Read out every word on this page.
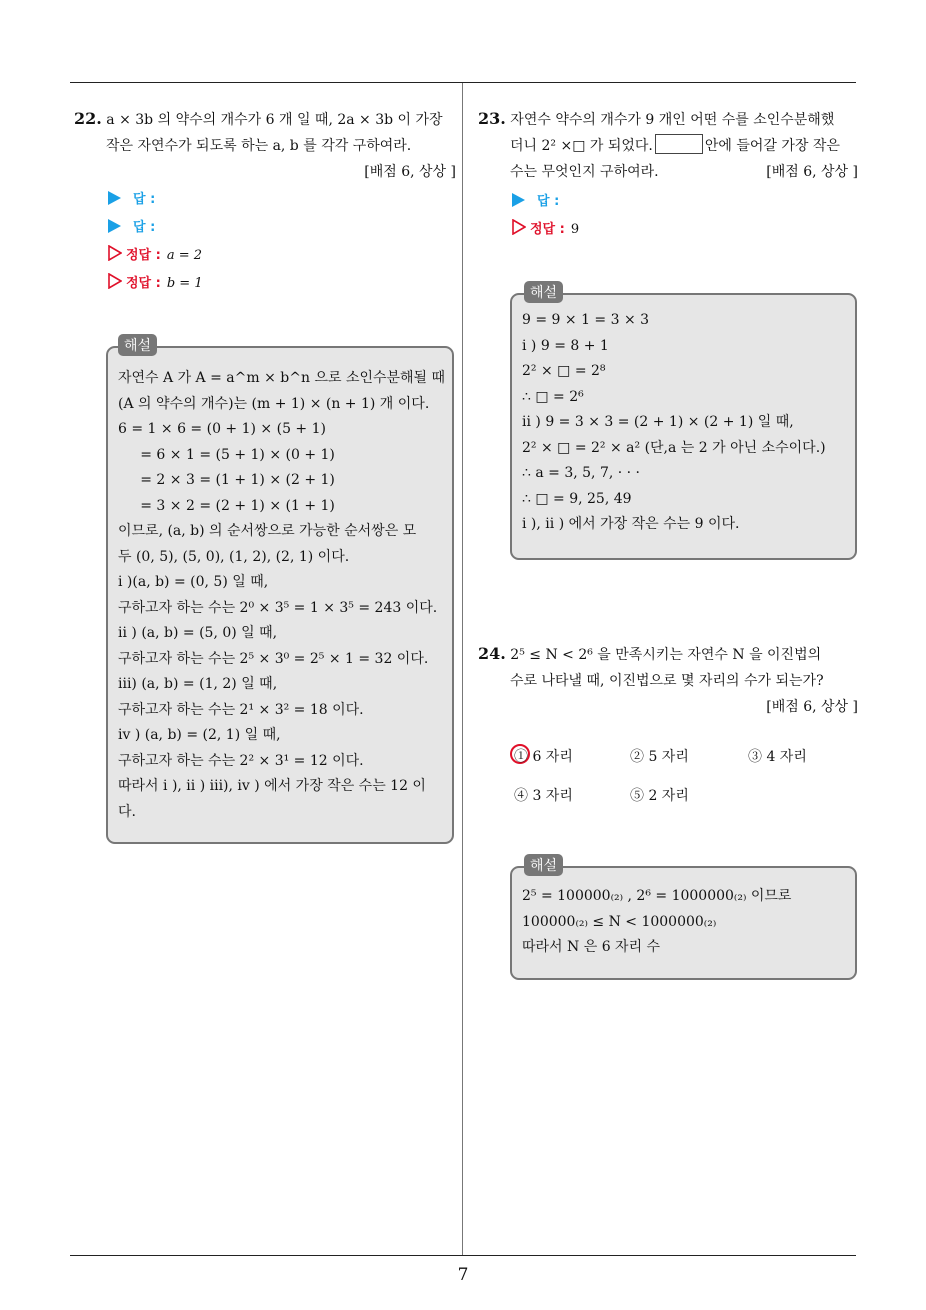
7
22. a × 3b 의 약수의 개수가 6 개 일 때, 2a × 3b 이 가장
작은 자연수가 되도록 하는 a, b 를 각각 구하여라.
[배점 6, 상상 ]
답 :
답 :
정답 : a = 2
정답 : b = 1
해설
자연수 A 가 A = a^m × b^n 으로 소인수분해될 때
(A 의 약수의 개수)는 (m + 1) × (n + 1) 개 이다.
6 = 1 × 6 = (0 + 1) × (5 + 1)
= 6 × 1 = (5 + 1) × (0 + 1)
= 2 × 3 = (1 + 1) × (2 + 1)
= 3 × 2 = (2 + 1) × (1 + 1)
이므로, (a, b) 의 순서쌍으로 가능한 순서쌍은 모
두 (0, 5), (5, 0), (1, 2), (2, 1) 이다.
i )(a, b) = (0, 5) 일 때,
구하고자 하는 수는 2⁰ × 3⁵ = 1 × 3⁵ = 243 이다.
ii ) (a, b) = (5, 0) 일 때,
구하고자 하는 수는 2⁵ × 3⁰ = 2⁵ × 1 = 32 이다.
iii) (a, b) = (1, 2) 일 때,
구하고자 하는 수는 2¹ × 3² = 18 이다.
iv ) (a, b) = (2, 1) 일 때,
구하고자 하는 수는 2² × 3¹ = 12 이다.
따라서 i ), ii ) iii), iv ) 에서 가장 작은 수는 12 이
다.
23. 자연수 약수의 개수가 9 개인 어떤 수를 소인수분해했
더니 2² ×□ 가 되었다.	안에 들어갈 가장 작은
수는 무엇인지 구하여라.	[배점 6, 상상 ]
답 :
정답 : 9
해설
9 = 9 × 1 = 3 × 3
i ) 9 = 8 + 1
2² × □ = 2⁸
∴ □ = 2⁶
ii ) 9 = 3 × 3 = (2 + 1) × (2 + 1) 일 때,
2² × □ = 2² × a² (단,a 는 2 가 아닌 소수이다.)
∴ a = 3, 5, 7, · · ·
∴ □ = 9, 25, 49
i ), ii ) 에서 가장 작은 수는 9 이다.
24. 2⁵ ≤ N < 2⁶ 을 만족시키는 자연수 N 을 이진법의
수로 나타낼 때, 이진법으로 몇 자리의 수가 되는가?
[배점 6, 상상 ]
① 6 자리	② 5 자리	③ 4 자리
④ 3 자리	⑤ 2 자리
해설
2⁵ = 100000₍₂₎ , 2⁶ = 1000000₍₂₎ 이므로
100000₍₂₎ ≤ N < 1000000₍₂₎
따라서 N 은 6 자리 수
